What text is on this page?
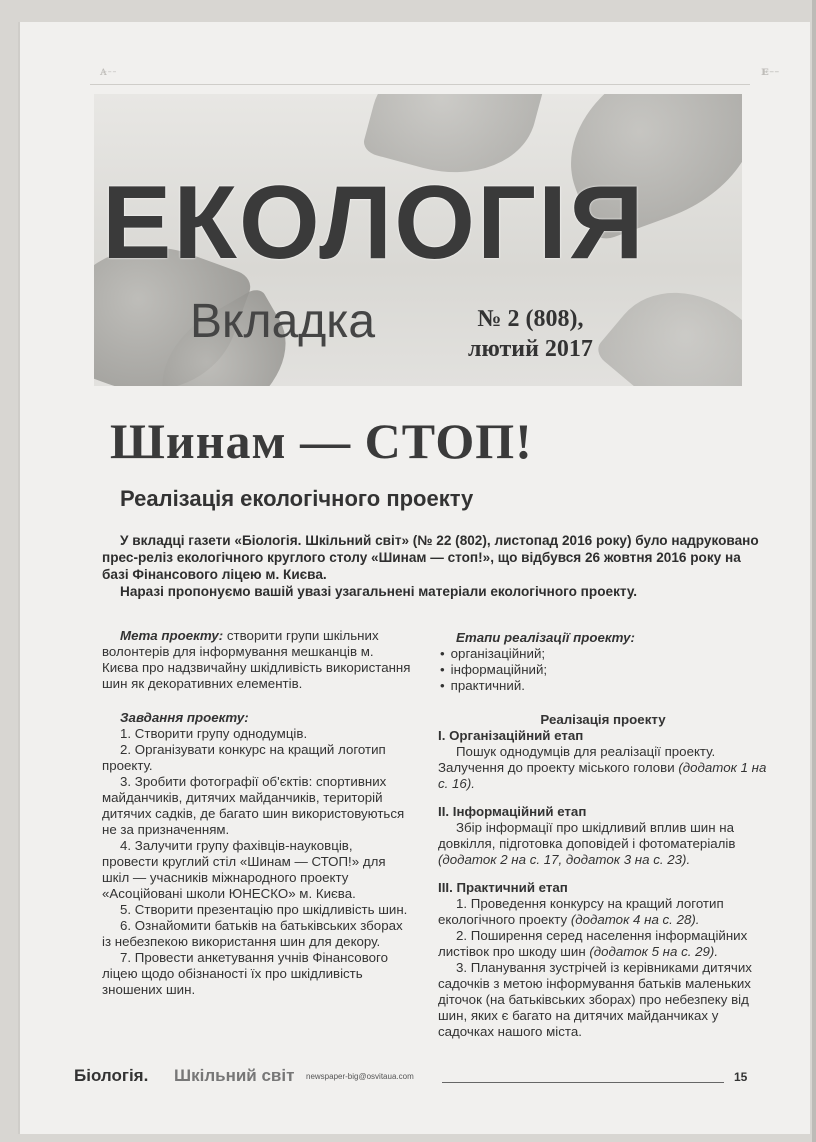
ᴀ̵ ̵ ̵	ᴇ̵ ̵ ̵
ЕКОЛОГІЯ
Вкладка	№ 2 (808),
лютий 2017
Шинам — СТОП!
Реалізація екологічного проекту

У вкладці газети «Біологія. Шкільний світ» (№ 22 (802), листопад 2016 року) було надруковано прес-реліз екологічного круглого столу «Шинам — стоп!», що відбувся 26 жовтня 2016 року на базі Фінансового ліцею м. Києва.

Наразі пропонуємо вашій увазі узагальнені матеріали екологічного проекту.

Мета проекту: створити групи шкільних волонтерів для інформування мешканців м. Києва про надзвичайну шкідливість використання шин як декоративних елементів.

Завдання проекту:

1. Створити групу однодумців.

2. Організувати конкурс на кращий логотип проекту.

3. Зробити фотографії об'єктів: спортивних майданчиків, дитячих майданчиків, територій дитячих садків, де багато шин використовуються не за призначенням.

4. Залучити групу фахівців-науковців, провести круглий стіл «Шинам — СТОП!» для шкіл — учасників міжнародного проекту «Асоційовані школи ЮНЕСКО» м. Києва.

5. Створити презентацію про шкідливість шин.

6. Ознайомити батьків на батьківських зборах із небезпекою використання шин для декору.

7. Провести анкетування учнів Фінансового ліцею щодо обізнаності їх про шкідливість зношених шин.

Етапи реалізації проекту:

• організаційний;

• інформаційний;

• практичний.

Реалізація проекту

I. Організаційний етап

Пошук однодумців для реалізації проекту. Залучення до проекту міського голови (додаток 1 на с. 16).

II. Інформаційний етап

Збір інформації про шкідливий вплив шин на довкілля, підготовка доповідей і фотоматеріалів (додаток 2 на с. 17, додаток 3 на с. 23).

III. Практичний етап

1. Проведення конкурсу на кращий логотип екологічного проекту (додаток 4 на с. 28).

2. Поширення серед населення інформаційних листівок про шкоду шин (додаток 5 на с. 29).

3. Планування зустрічей із керівниками дитячих садочків з метою інформування батьків маленьких діточок (на батьківських зборах) про небезпеку від шин, яких є багато на дитячих майданчиках у садочках нашого міста.

Біологія. Шкільний світ newspaper-big@osvitaua.com	15
